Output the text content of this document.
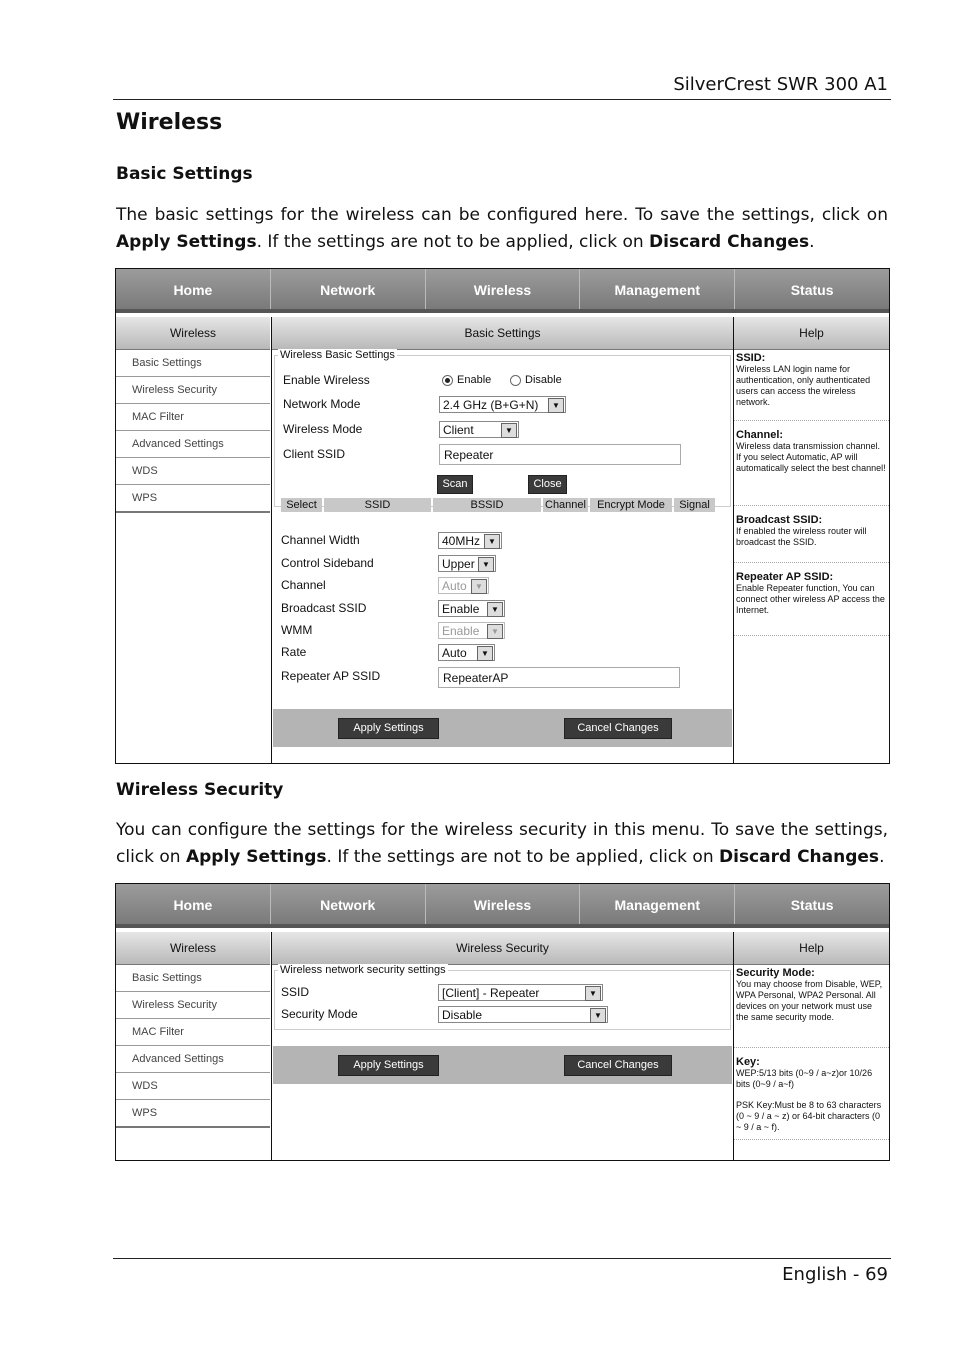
SilverCrest SWR 300 A1
Wireless
Basic Settings
The basic settings for the wireless can be configured here. To save the settings, click on Apply Settings. If the settings are not to be applied, click on Discard Changes.
Home	Network	Wireless	Management	Status
Wireless
Basic Settings
Wireless Security
MAC Filter
Advanced Settings
WDS
WPS
Basic Settings
Wireless Basic Settings
Enable Wireless	Enable	Disable
Network Mode	2.4 GHz (B+G+N)	▼
Wireless Mode	Client	▼
Client SSID	Repeater
Scan	Close
Select	SSID	BSSID	Channel	Encrypt Mode	Signal
Channel Width	40MHz	▼
Control Sideband	Upper ▼
Channel	Auto	▼
Broadcast SSID	Enable	▼
WMM	Enable	▼
Rate	Auto	▼
Repeater AP SSID	RepeaterAP
Apply Settings	Cancel Changes
Help
SSID:
Wireless LAN login name for authentication, only authenticated users can access the wireless network.
Channel:
Wireless data transmission channel. If you select Automatic, AP will automatically select the best channel!
Broadcast SSID:
If enabled the wireless router will broadcast the SSID.
Repeater AP SSID:
Enable Repeater function, You can connect other wireless AP access the Internet.
Wireless Security
You can configure the settings for the wireless security in this menu. To save the settings, click on Apply Settings. If the settings are not to be applied, click on Discard Changes.
Home	Network	Wireless	Management	Status
Wireless
Basic Settings
Wireless Security
MAC Filter
Advanced Settings
WDS
WPS
Wireless Security
Wireless network security settings
SSID	[Client] - Repeater	▼
Security Mode	Disable	▼
Apply Settings	Cancel Changes
Help
Security Mode:
You may choose from Disable, WEP, WPA Personal, WPA2 Personal. All devices on your network must use the same security mode.
Key:
WEP:5/13 bits (0~9 / a~z)or 10/26 bits (0~9 / a~f)
PSK Key:Must be 8 to 63 characters (0 ~ 9 / a ~ z) or 64-bit characters (0 ~ 9 / a ~ f).
English - 69
